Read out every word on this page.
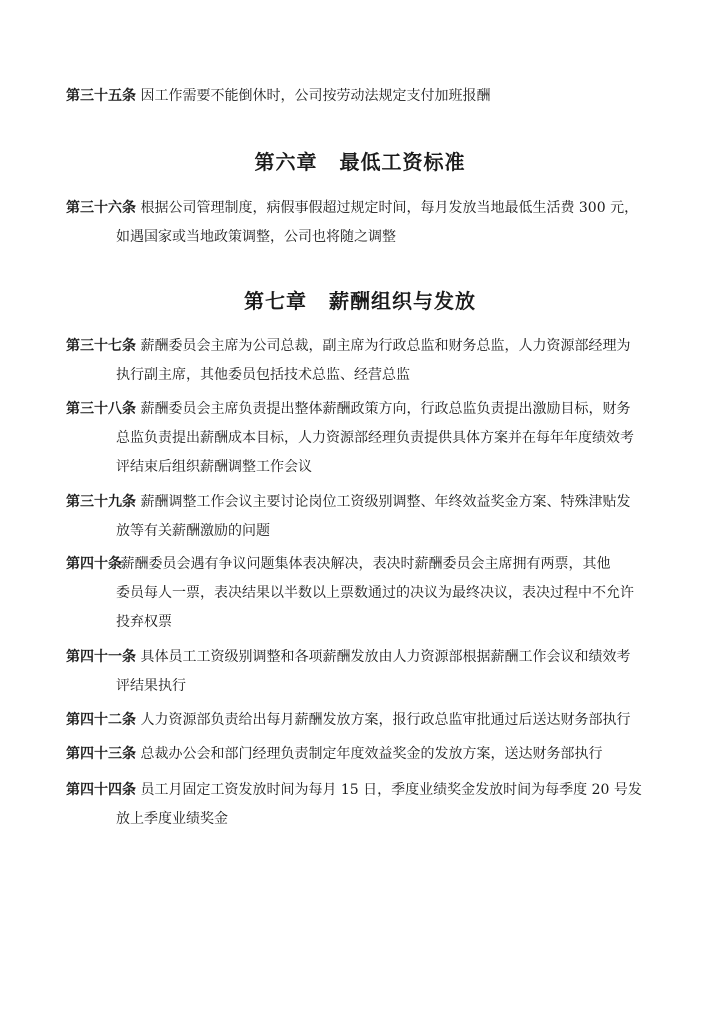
第三十五条 因工作需要不能倒休时，公司按劳动法规定支付加班报酬
第六章 最低工资标准
第三十六条 根据公司管理制度，病假事假超过规定时间，每月发放当地最低生活费 300 元，
如遇国家或当地政策调整，公司也将随之调整
第七章 薪酬组织与发放
第三十七条 薪酬委员会主席为公司总裁，副主席为行政总监和财务总监，人力资源部经理为
执行副主席，其他委员包括技术总监、经营总监
第三十八条 薪酬委员会主席负责提出整体薪酬政策方向，行政总监负责提出激励目标，财务
总监负责提出薪酬成本目标，人力资源部经理负责提供具体方案并在每年年度绩效考
评结束后组织薪酬调整工作会议
第三十九条 薪酬调整工作会议主要讨论岗位工资级别调整、年终效益奖金方案、特殊津贴发
放等有关薪酬激励的问题
第四十条 薪酬委员会遇有争议问题集体表决解决，表决时薪酬委员会主席拥有两票，其他
委员每人一票，表决结果以半数以上票数通过的决议为最终决议，表决过程中不允许
投弃权票
第四十一条 具体员工工资级别调整和各项薪酬发放由人力资源部根据薪酬工作会议和绩效考
评结果执行
第四十二条 人力资源部负责给出每月薪酬发放方案，报行政总监审批通过后送达财务部执行
第四十三条 总裁办公会和部门经理负责制定年度效益奖金的发放方案，送达财务部执行
第四十四条 员工月固定工资发放时间为每月 15 日，季度业绩奖金发放时间为每季度 20 号发
放上季度业绩奖金
